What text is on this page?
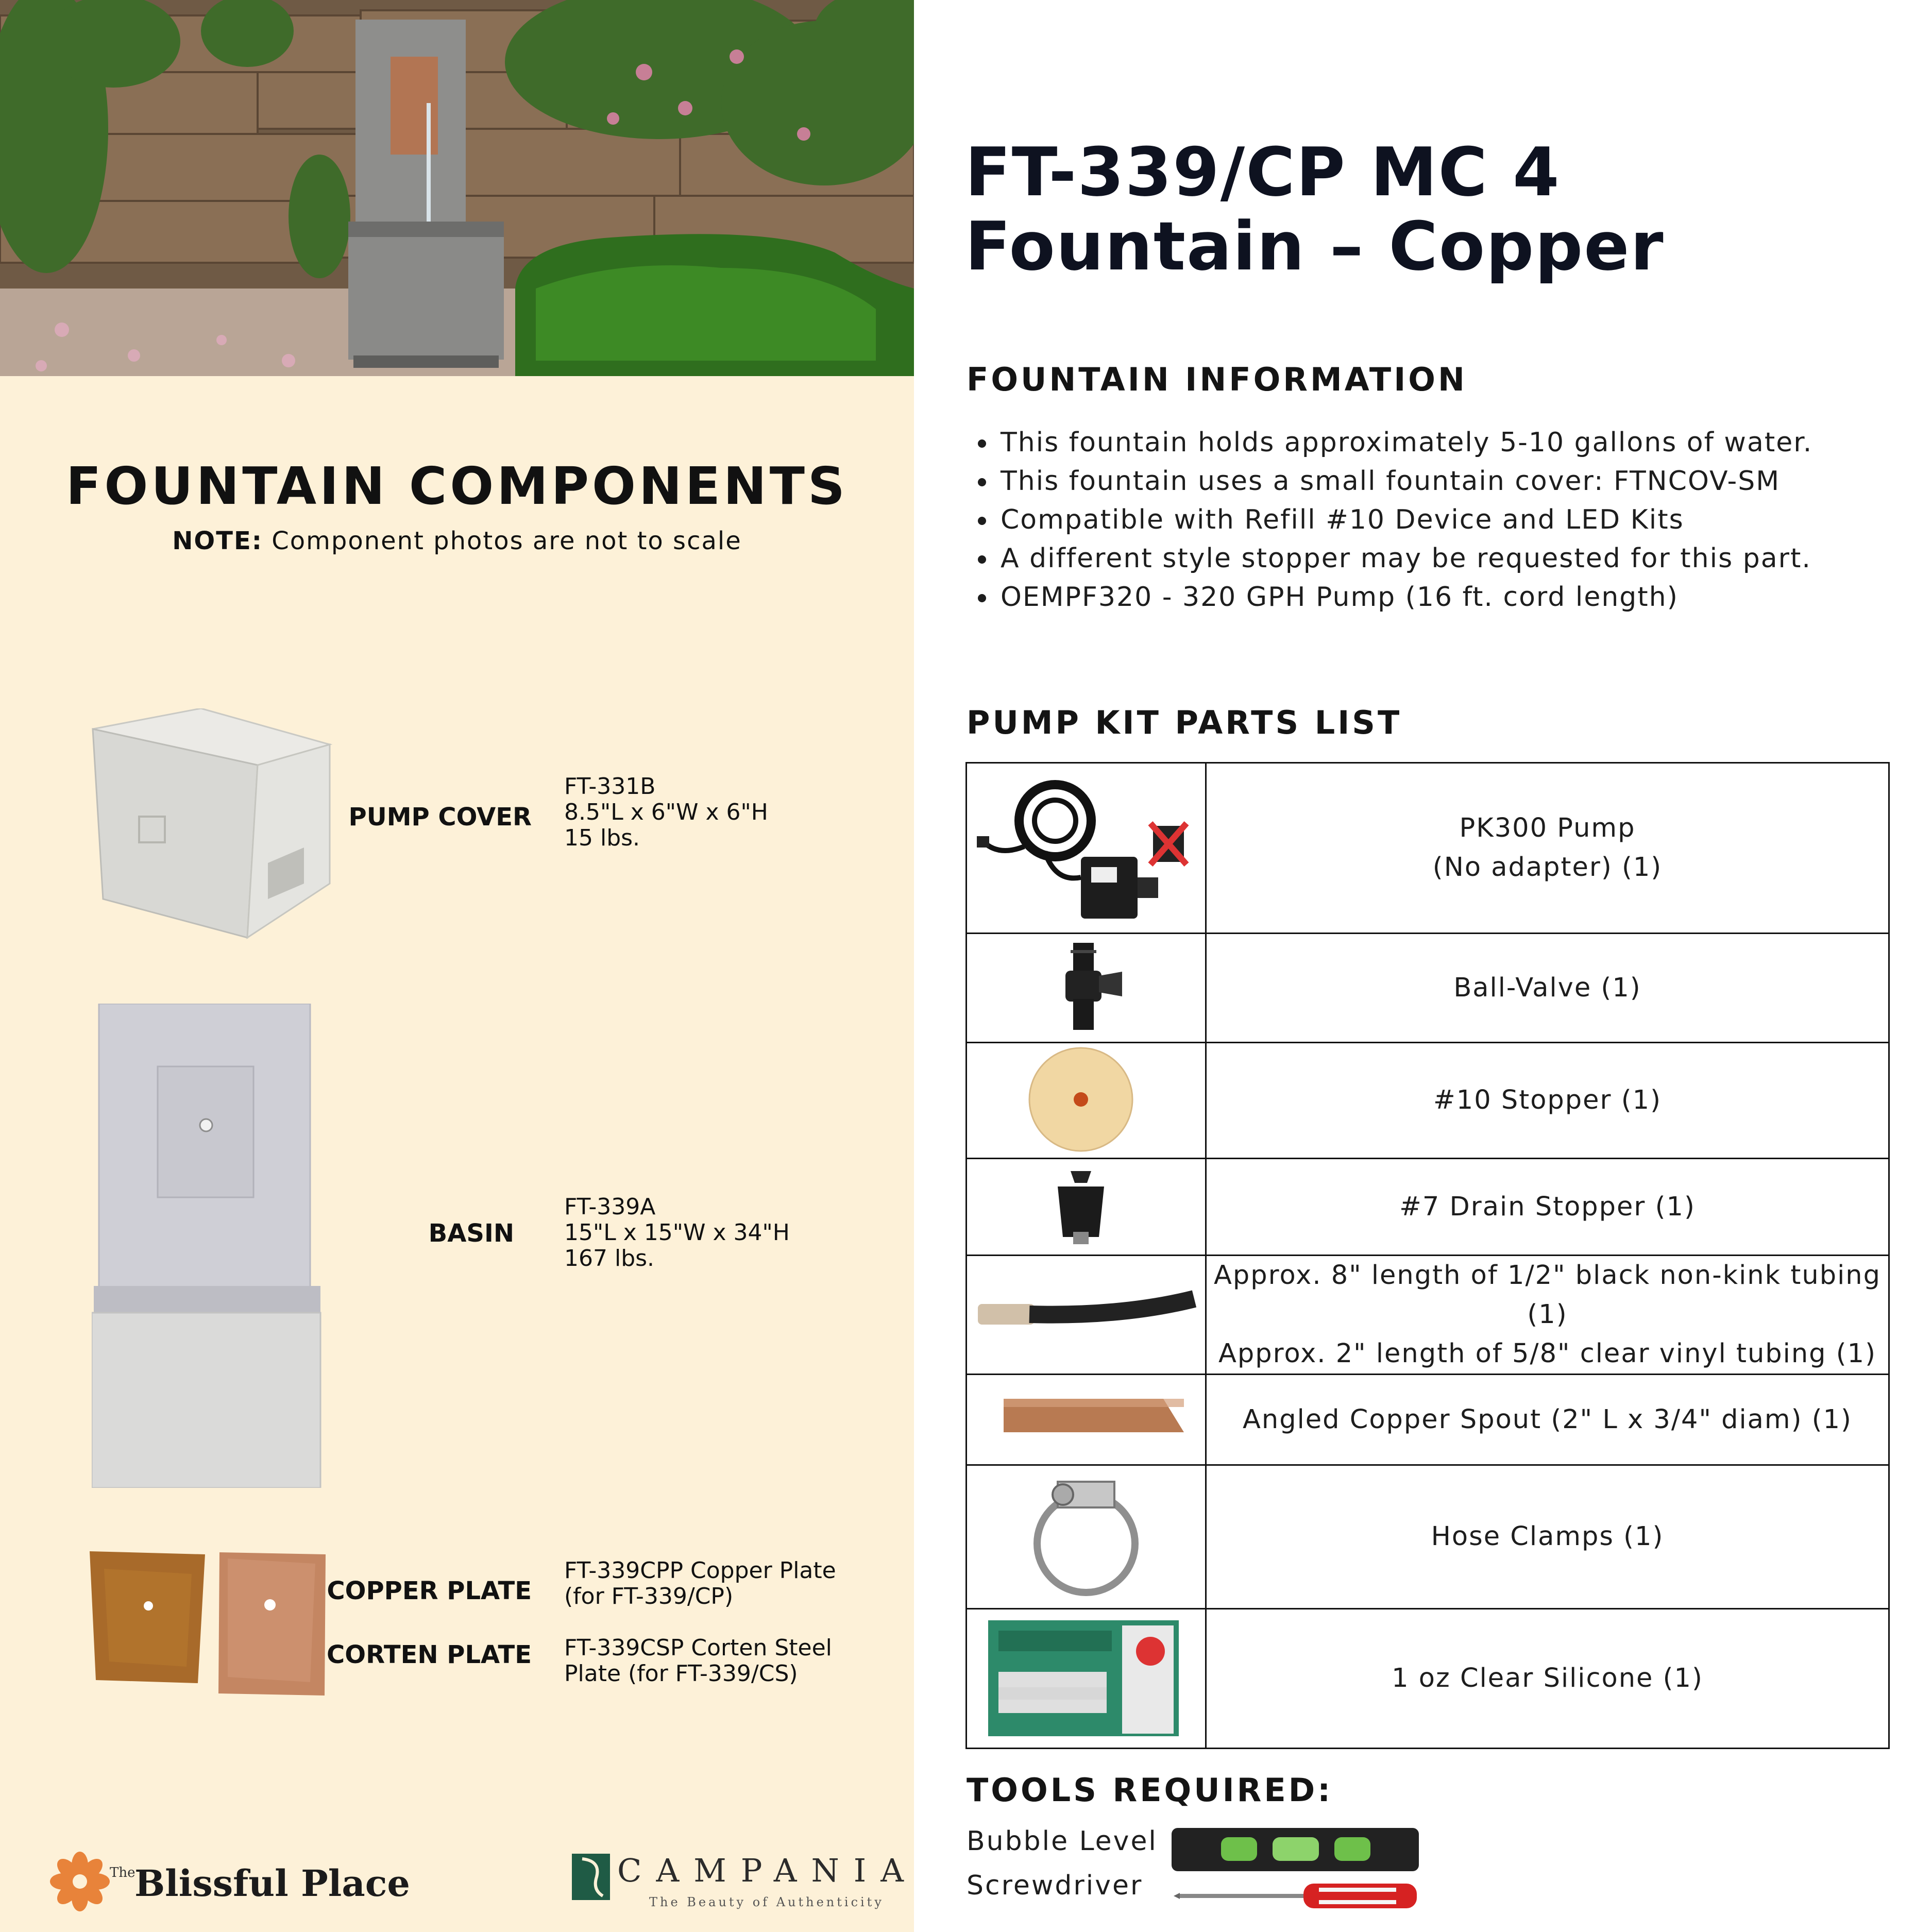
FOUNTAIN COMPONENTS
NOTE: Component photos are not to scale
PUMP COVER
FT-331B
8.5"L x 6"W x 6"H
15 lbs.
BASIN
FT-339A
15"L x 15"W x 34"H
167 lbs.
COPPER PLATE
FT-339CPP Copper Plate
(for FT-339/CP)
CORTEN PLATE FT-339CSP Corten Steel
Plate (for FT-339/CS)
The
Blissful Place	CAMPANIA
The Beauty of Authenticity
FT-339/CP MC 4 Fountain – Copper
FOUNTAIN INFORMATION
• This fountain holds approximately 5-10 gallons of water.
• This fountain uses a small fountain cover: FTNCOV-SM
• Compatible with Refill #10 Device and LED Kits
• A different style stopper may be requested for this part.
• OEMPF320 - 320 GPH Pump (16 ft. cord length)
PUMP KIT PARTS LIST

PK300 Pump
(No adapter) (1)

Ball-Valve (1)

#10 Stopper (1)

#7 Drain Stopper (1)

Approx. 8" length of 1/2" black non-kink tubing (1)
Approx. 2" length of 5/8" clear vinyl tubing (1)

Angled Copper Spout (2" L x 3/4" diam) (1)

Hose Clamps (1)

1 oz Clear Silicone (1)
TOOLS REQUIRED:
Bubble Level
Screwdriver
